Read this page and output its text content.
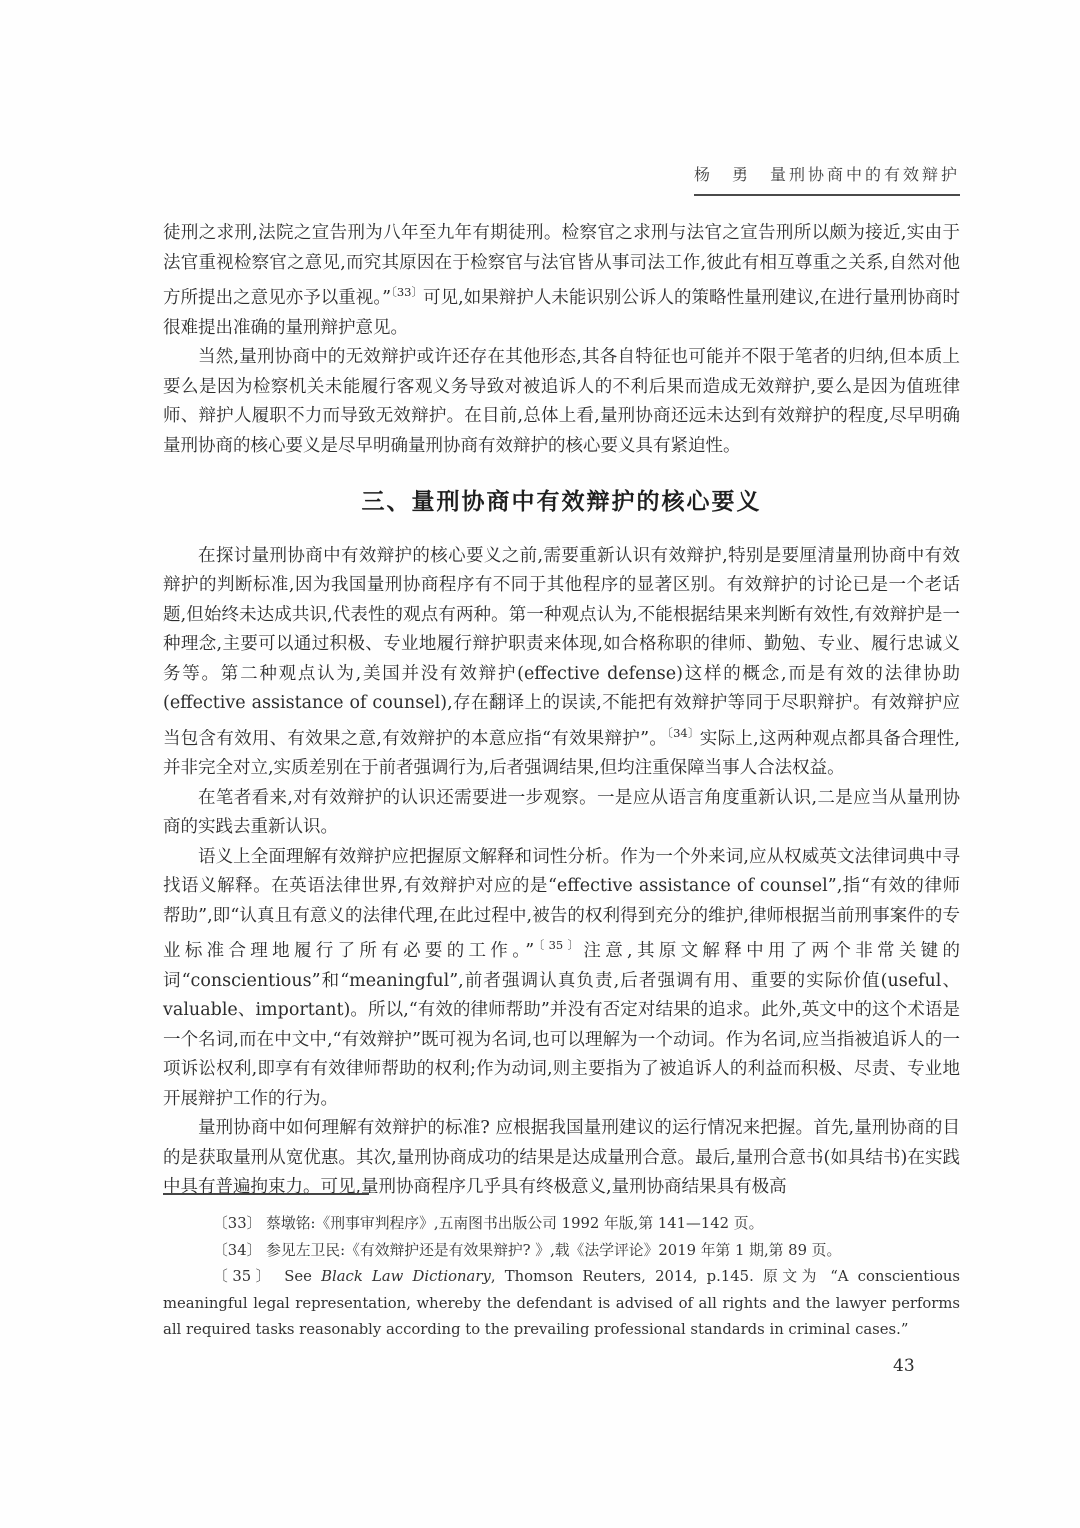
杨　勇　量刑协商中的有效辩护

徒刑之求刑,法院之宣告刑为八年至九年有期徒刑。检察官之求刑与法官之宣告刑所以颇为接近,实由于法官重视检察官之意见,而究其原因在于检察官与法官皆从事司法工作,彼此有相互尊重之关系,自然对他方所提出之意见亦予以重视。”$^{〔33〕}$可见,如果辩护人未能识别公诉人的策略性量刑建议,在进行量刑协商时很难提出准确的量刑辩护意见。

当然,量刑协商中的无效辩护或许还存在其他形态,其各自特征也可能并不限于笔者的归纳,但本质上要么是因为检察机关未能履行客观义务导致对被追诉人的不利后果而造成无效辩护,要么是因为值班律师、辩护人履职不力而导致无效辩护。在目前,总体上看,量刑协商还远未达到有效辩护的程度,尽早明确量刑协商的核心要义是尽早明确量刑协商有效辩护的核心要义具有紧迫性。

三、量刑协商中有效辩护的核心要义

在探讨量刑协商中有效辩护的核心要义之前,需要重新认识有效辩护,特别是要厘清量刑协商中有效辩护的判断标准,因为我国量刑协商程序有不同于其他程序的显著区别。有效辩护的讨论已是一个老话题,但始终未达成共识,代表性的观点有两种。第一种观点认为,不能根据结果来判断有效性,有效辩护是一种理念,主要可以通过积极、专业地履行辩护职责来体现,如合格称职的律师、勤勉、专业、履行忠诚义务等。第二种观点认为,美国并没有效辩护(effective defense)这样的概念,而是有效的法律协助(effective assistance of counsel),存在翻译上的误读,不能把有效辩护等同于尽职辩护。有效辩护应当包含有效用、有效果之意,有效辩护的本意应指“有效果辩护”。$^{〔34〕}$实际上,这两种观点都具备合理性,并非完全对立,实质差别在于前者强调行为,后者强调结果,但均注重保障当事人合法权益。

在笔者看来,对有效辩护的认识还需要进一步观察。一是应从语言角度重新认识,二是应当从量刑协商的实践去重新认识。

语义上全面理解有效辩护应把握原文解释和词性分析。作为一个外来词,应从权威英文法律词典中寻找语义解释。在英语法律世界,有效辩护对应的是“effective assistance of counsel”,指“有效的律师帮助”,即“认真且有意义的法律代理,在此过程中,被告的权利得到充分的维护,律师根据当前刑事案件的专业标准合理地履行了所有必要的工作。”$^{〔35〕}$注意,其原文解释中用了两个非常关键的词“conscientious”和“meaningful”,前者强调认真负责,后者强调有用、重要的实际价值(useful、valuable、important)。所以,“有效的律师帮助”并没有否定对结果的追求。此外,英文中的这个术语是一个名词,而在中文中,“有效辩护”既可视为名词,也可以理解为一个动词。作为名词,应当指被追诉人的一项诉讼权利,即享有有效律师帮助的权利;作为动词,则主要指为了被追诉人的利益而积极、尽责、专业地开展辩护工作的行为。

量刑协商中如何理解有效辩护的标准? 应根据我国量刑建议的运行情况来把握。首先,量刑协商的目的是获取量刑从宽优惠。其次,量刑协商成功的结果是达成量刑合意。最后,量刑合意书(如具结书)在实践中具有普遍拘束力。可见,量刑协商程序几乎具有终极意义,量刑协商结果具有极高

〔33〕 蔡墩铭:《刑事审判程序》,五南图书出版公司 1992 年版,第 141—142 页。

〔34〕 参见左卫民:《有效辩护还是有效果辩护? 》,载《法学评论》2019 年第 1 期,第 89 页。

〔35〕 See Black Law Dictionary, Thomson Reuters, 2014, p.145. 原文为 “A conscientious meaningful legal representation, whereby the defendant is advised of all rights and the lawyer performs all required tasks reasonably according to the prevailing professional standards in criminal cases.”

43
